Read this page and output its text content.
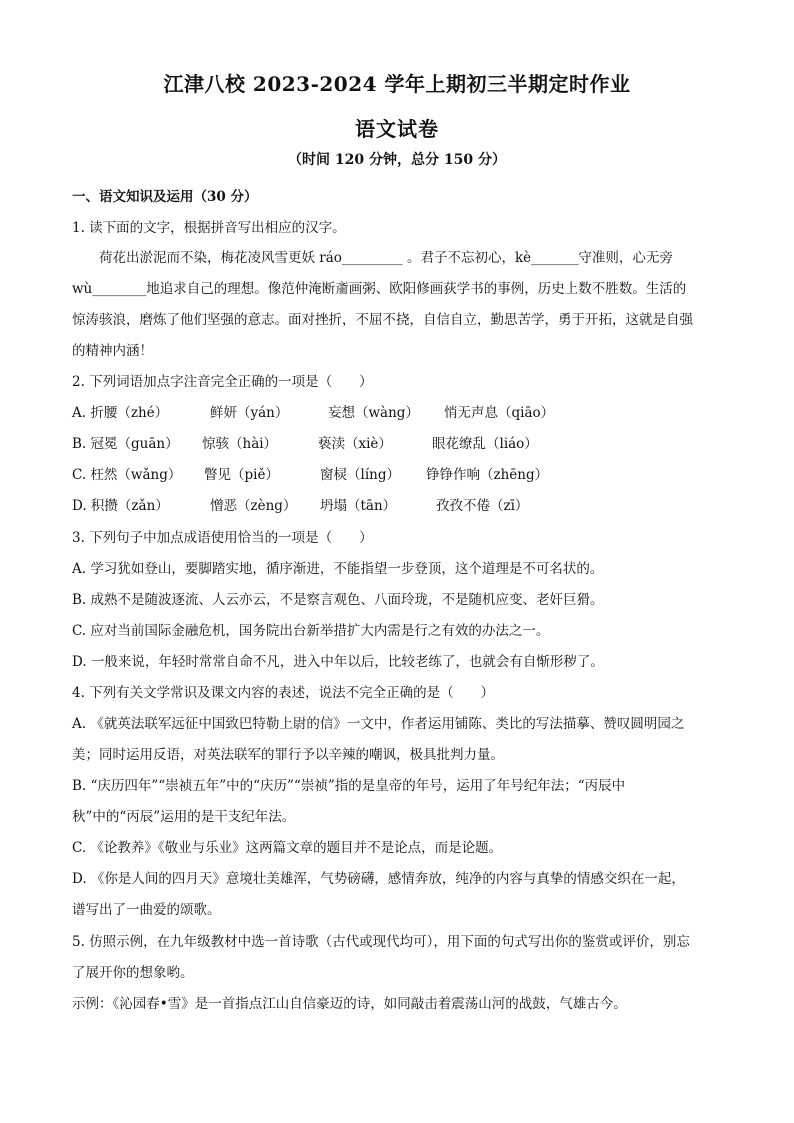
江津八校 2023-2024 学年上期初三半期定时作业
语文试卷
（时间 120 分钟，总分 150 分）
一、语文知识及运用（30 分）
1. 读下面的文字，根据拼音写出相应的汉字。
　　荷花出淤泥而不染，梅花凌风雪更妖 ráo_________ 。君子不忘初心，kè_______守准则，心无旁
wù________地追求自己的理想。像范仲淹断齑画粥、欧阳修画荻学书的事例，历史上数不胜数。生活的
惊涛骇浪，磨炼了他们坚强的意志。面对挫折，不屈不挠，自信自立，勤思苦学，勇于开拓，这就是自强
的精神内涵！
2. 下列词语加点字注音完全正确的一项是（　　）
A. 折腰（zhé）	鲜妍（yán）	妄想（wàng） 悄无声息（qiāo）
B. 冠冕（guān） 惊骇（hài）	亵渎（xiè）	眼花缭乱（liáo）
C. 枉然（wǎng） 瞥见（piě）	窗棂（líng） 铮铮作响（zhēng）
D. 积攒（zǎn）	憎恶（zèng） 坍塌（tān）	孜孜不倦（zī）
3. 下列句子中加点成语使用恰当的一项是（　　）
A. 学习犹如登山，要脚踏实地，循序渐进，不能指望一步登顶，这个道理是不可名状的。
B. 成熟不是随波逐流、人云亦云，不是察言观色、八面玲珑，不是随机应变、老奸巨猾。
C. 应对当前国际金融危机，国务院出台新举措扩大内需是行之有效的办法之一。
D. 一般来说，年轻时常常自命不凡，进入中年以后，比较老练了，也就会有自惭形秽了。
4. 下列有关文学常识及课文内容的表述，说法不完全正确的是（　　）
A. 《就英法联军远征中国致巴特勒上尉的信》一文中，作者运用铺陈、类比的写法描摹、赞叹圆明园之
美；同时运用反语，对英法联军的罪行予以辛辣的嘲讽，极具批判力量。
B. “庆历四年”“崇祯五年”中的“庆历”“崇祯”指的是皇帝的年号，运用了年号纪年法；“丙辰中
秋”中的“丙辰”运用的是干支纪年法。
C. 《论教养》《敬业与乐业》这两篇文章的题目并不是论点，而是论题。
D. 《你是人间的四月天》意境壮美雄浑，气势磅礴，感情奔放，纯净的内容与真挚的情感交织在一起，
谱写出了一曲爱的颂歌。
5. 仿照示例，在九年级教材中选一首诗歌（古代或现代均可），用下面的句式写出你的鉴赏或评价，别忘
了展开你的想象哟。
示例：《沁园春•雪》是一首指点江山自信豪迈的诗，如同敲击着震荡山河的战鼓，气雄古今。
